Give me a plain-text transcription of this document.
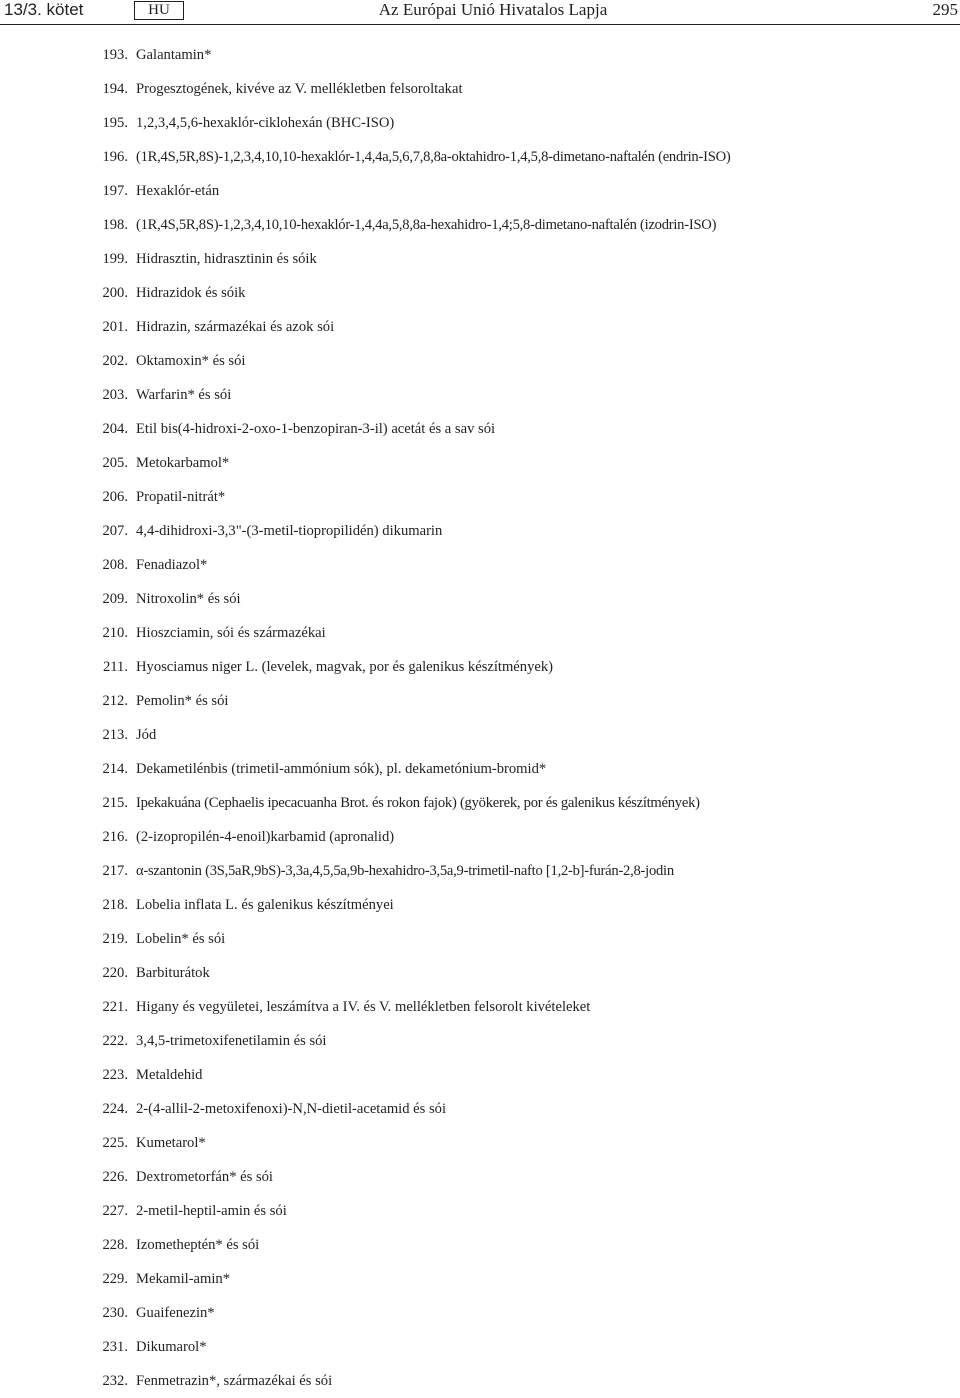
13/3. kötet	HU	Az Európai Unió Hivatalos Lapja	295
193. Galantamin*
194. Progesztogének, kivéve az V. mellékletben felsoroltakat
195. 1,2,3,4,5,6-hexaklór-ciklohexán (BHC-ISO)
196. (1R,4S,5R,8S)-1,2,3,4,10,10-hexaklór-1,4,4a,5,6,7,8,8a-oktahidro-1,4,5,8-dimetano-naftalén (endrin-ISO)
197. Hexaklór-etán
198. (1R,4S,5R,8S)-1,2,3,4,10,10-hexaklór-1,4,4a,5,8,8a-hexahidro-1,4;5,8-dimetano-naftalén (izodrin-ISO)
199. Hidrasztin, hidrasztinin és sóik
200. Hidrazidok és sóik
201. Hidrazin, származékai és azok sói
202. Oktamoxin* és sói
203. Warfarin* és sói
204. Etil bis(4-hidroxi-2-oxo-1-benzopiran-3-il) acetát és a sav sói
205. Metokarbamol*
206. Propatil-nitrát*
207. 4,4-dihidroxi-3,3"-(3-metil-tiopropilidén) dikumarin
208. Fenadiazol*
209. Nitroxolin* és sói
210. Hioszciamin, sói és származékai
211. Hyosciamus niger L. (levelek, magvak, por és galenikus készítmények)
212. Pemolin* és sói
213. Jód
214. Dekametilénbis (trimetil-ammónium sók), pl. dekametónium-bromid*
215. Ipekakuána (Cephaelis ipecacuanha Brot. és rokon fajok) (gyökerek, por és galenikus készítmények)
216. (2-izopropilén-4-enoil)karbamid (apronalid)
217. α-szantonin (3S,5aR,9bS)-3,3a,4,5,5a,9b-hexahidro-3,5a,9-trimetil-nafto [1,2-b]-furán-2,8-jodin
218. Lobelia inflata L. és galenikus készítményei
219. Lobelin* és sói
220. Barbiturátok
221. Higany és vegyületei, leszámítva a IV. és V. mellékletben felsorolt kivételeket
222. 3,4,5-trimetoxifenetilamin és sói
223. Metaldehid
224. 2-(4-allil-2-metoxifenoxi)-N,N-dietil-acetamid és sói
225. Kumetarol*
226. Dextrometorfán* és sói
227. 2-metil-heptil-amin és sói
228. Izometheptén* és sói
229. Mekamil-amin*
230. Guaifenezin*
231. Dikumarol*
232. Fenmetrazin*, származékai és sói
